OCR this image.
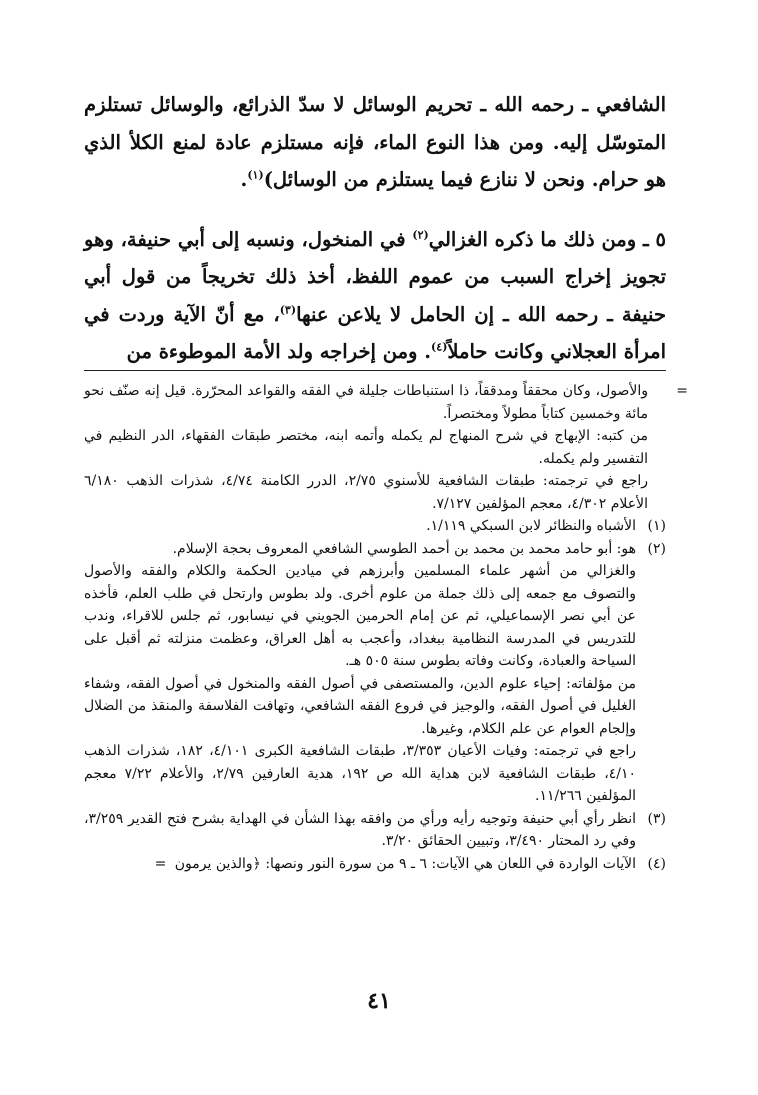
الشافعي ـ رحمه الله ـ تحريم الوسائل لا سدّ الذرائع، والوسائل تستلزم المتوسّل إليه. ومن هذا النوع الماء، فإنه مستلزم عادة لمنع الكلأ الذي هو حرام. ونحن لا ننازع فيما يستلزم من الوسائل)$^{(١)}$.

٥ ـ ومن ذلك ما ذكره الغزالي$^{(٢)}$ في المنخول، ونسبه إلى أبي حنيفة، وهو تجويز إخراج السبب من عموم اللفظ، أخذ ذلك تخريجاً من قول أبي حنيفة ـ رحمه الله ـ إن الحامل لا يلاعن عنها$^{(٣)}$، مع أنّ الآية وردت في امرأة العجلاني وكانت حاملاً$^{(٤)}$. ومن إخراجه ولد الأمة الموطوءة من

=
والأصول، وكان محققاً ومدققاً، ذا استنباطات جليلة في الفقه والقواعد المحرّرة. قيل إنه صنّف نحو مائة وخمسين كتاباً مطولاً ومختصراً.

من كتبه: الإبهاج في شرح المنهاج لم يكمله وأتمه ابنه، مختصر طبقات الفقهاء، الدر النظيم في التفسير ولم يكمله.

راجع في ترجمته: طبقات الشافعية للأسنوي ٢/٧٥، الدرر الكامنة ٤/٧٤، شذرات الذهب ٦/١٨٠ الأعلام ٤/٣٠٢، معجم المؤلفين ٧/١٢٧.

(١)
الأشباه والنظائر لابن السبكي ١/١١٩.

(٢)
هو: أبو حامد محمد بن محمد بن أحمد الطوسي الشافعي المعروف بحجة الإسلام.

والغزالي من أشهر علماء المسلمين وأبرزهم في ميادين الحكمة والكلام والفقه والأصول والتصوف مع جمعه إلى ذلك جملة من علوم أخرى. ولد بطوس وارتحل في طلب العلم، فأخذه عن أبي نصر الإسماعيلي، ثم عن إمام الحرمين الجويني في نيسابور، ثم جلس للاقراء، وندب للتدريس في المدرسة النظامية ببغداد، وأعجب به أهل العراق، وعظمت منزلته ثم أقبل على السياحة والعبادة، وكانت وفاته بطوس سنة ٥٠٥ هـ.

من مؤلفاته: إحياء علوم الدين، والمستصفى في أصول الفقه والمنخول في أصول الفقه، وشفاء الغليل في أصول الفقه، والوجيز في فروع الفقه الشافعي، وتهافت الفلاسفة والمنقذ من الضلال وإلجام العوام عن علم الكلام، وغيرها.

راجع في ترجمته: وفيات الأعيان ٣/٣٥٣، طبقات الشافعية الكبرى ٤/١٠١، ١٨٢، شذرات الذهب ٤/١٠، طبقات الشافعية لابن هداية الله ص ١٩٢، هدية العارفين ٢/٧٩، والأعلام ٧/٢٢ معجم المؤلفين ١١/٢٦٦.

(٣)
انظر رأي أبي حنيفة وتوجيه رأيه ورأي من وافقه بهذا الشأن في الهداية بشرح فتح القدير ٣/٢٥٩، وفي رد المحتار ٣/٤٩٠، وتبيين الحقائق ٣/٢٠.

(٤)
الآيات الواردة في اللعان هي الآيات: ٦ ـ ٩ من سورة النور ونصها: ﴿والذين يرمون =

٤١
